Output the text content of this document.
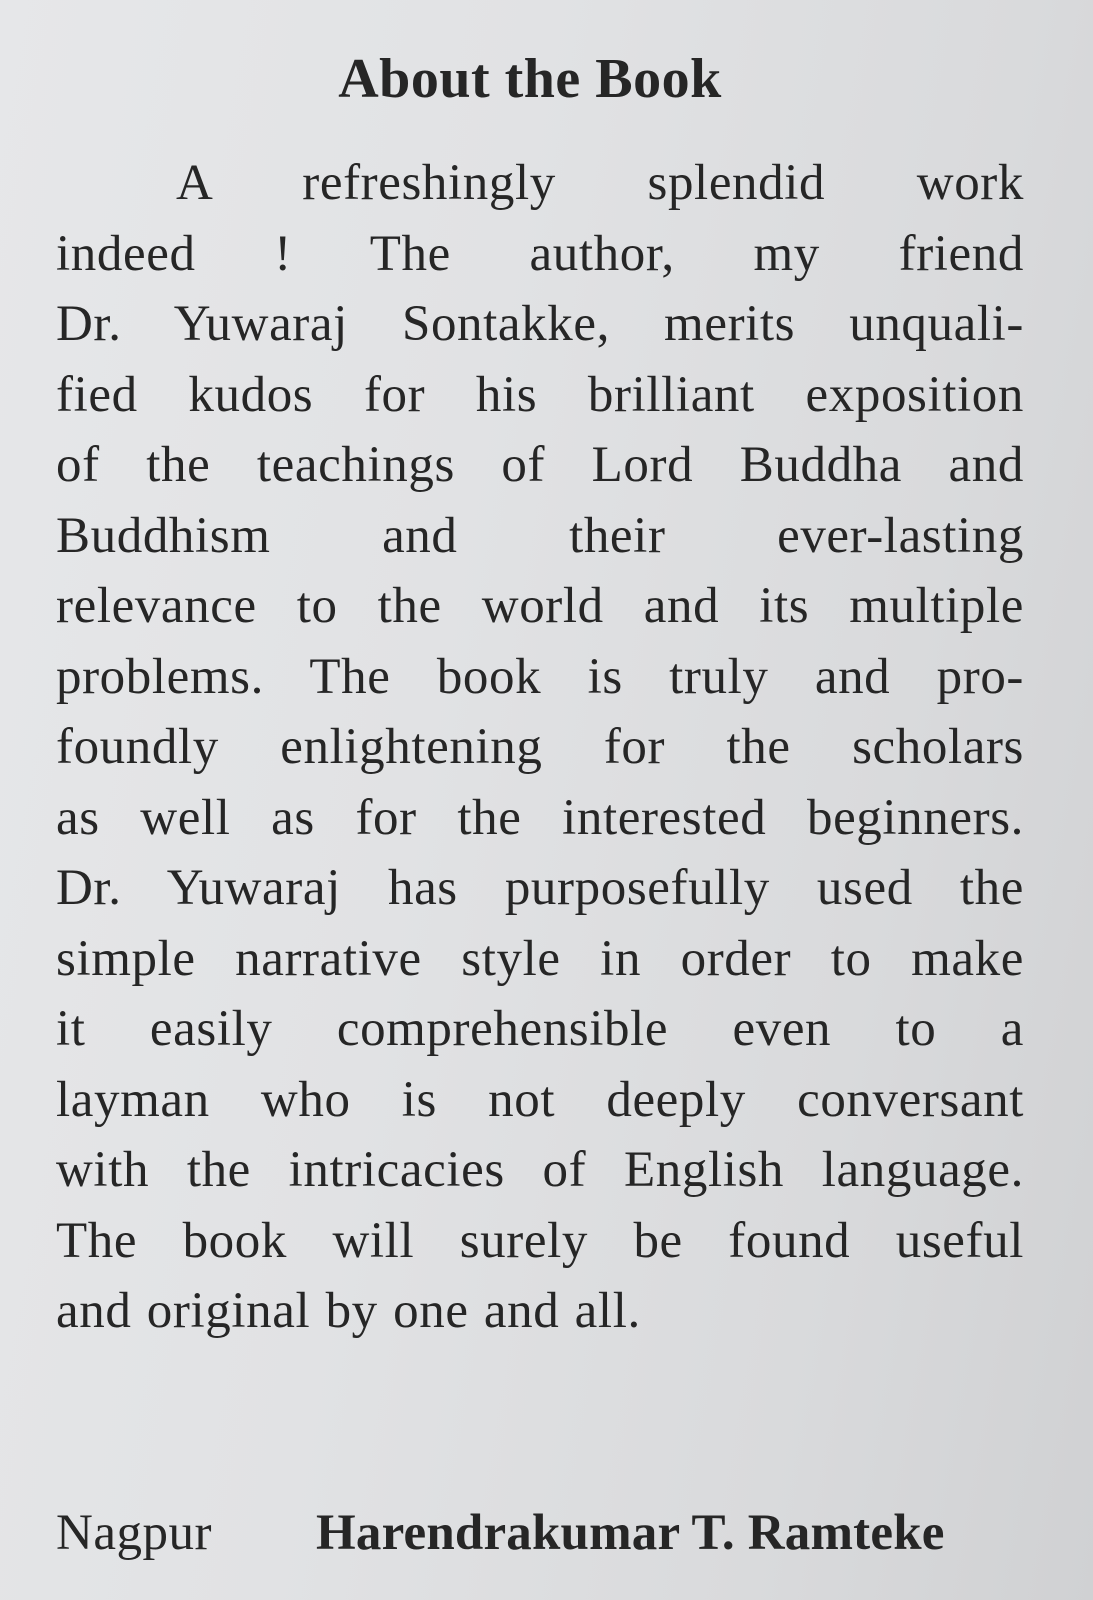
About the Book
A refreshingly splendid work
indeed ! The author, my friend
Dr. Yuwaraj Sontakke, merits unquali-
fied kudos for his brilliant exposition
of the teachings of Lord Buddha and
Buddhism and their ever-lasting
relevance to the world and its multiple
problems. The book is truly and pro-
foundly enlightening for the scholars
as well as for the interested beginners.
Dr. Yuwaraj has purposefully used the
simple narrative style in order to make
it easily comprehensible even to a
layman who is not deeply conversant
with the intricacies of English language.
The book will surely be found useful
and original by one and all.
Nagpur Harendrakumar T. Ramteke
